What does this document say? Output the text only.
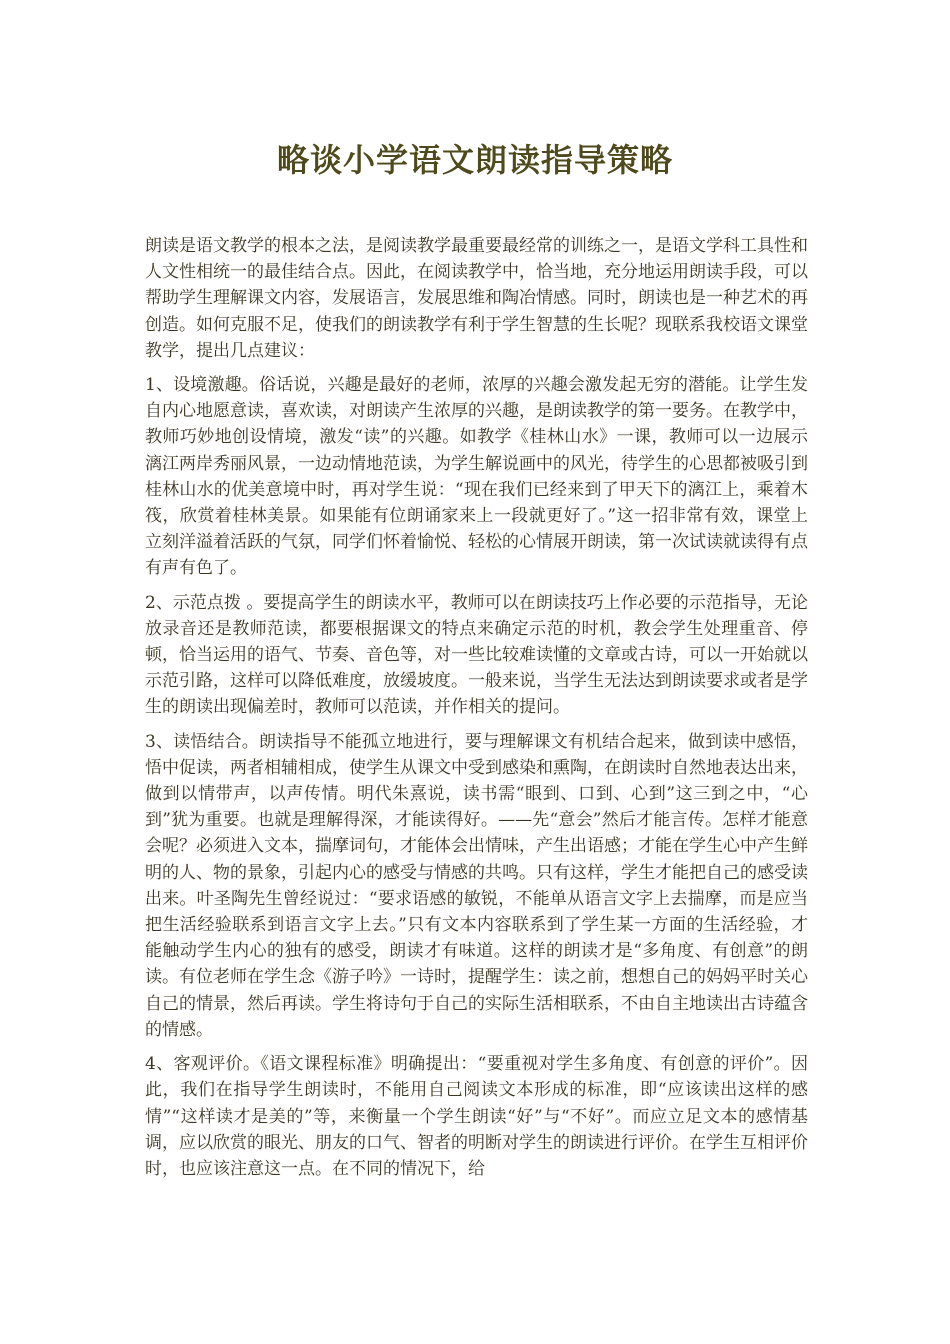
略谈小学语文朗读指导策略

朗读是语文教学的根本之法，是阅读教学最重要最经常的训练之一，是语文学科工具性和人文性相统一的最佳结合点。因此，在阅读教学中，恰当地，充分地运用朗读手段，可以帮助学生理解课文内容，发展语言，发展思维和陶冶情感。同时，朗读也是一种艺术的再创造。如何克服不足，使我们的朗读教学有利于学生智慧的生长呢？现联系我校语文课堂教学，提出几点建议：

1、设境激趣。俗话说，兴趣是最好的老师，浓厚的兴趣会激发起无穷的潜能。让学生发自内心地愿意读，喜欢读，对朗读产生浓厚的兴趣，是朗读教学的第一要务。在教学中，教师巧妙地创设情境，激发“读”的兴趣。如教学《桂林山水》一课，教师可以一边展示漓江两岸秀丽风景，一边动情地范读，为学生解说画中的风光，待学生的心思都被吸引到桂林山水的优美意境中时，再对学生说：“现在我们已经来到了甲天下的漓江上，乘着木筏，欣赏着桂林美景。如果能有位朗诵家来上一段就更好了。”这一招非常有效，课堂上立刻洋溢着活跃的气氛，同学们怀着愉悦、轻松的心情展开朗读，第一次试读就读得有点有声有色了。

2、示范点拨 。要提高学生的朗读水平，教师可以在朗读技巧上作必要的示范指导，无论放录音还是教师范读，都要根据课文的特点来确定示范的时机，教会学生处理重音、停顿，恰当运用的语气、节奏、音色等，对一些比较难读懂的文章或古诗，可以一开始就以示范引路，这样可以降低难度，放缓坡度。一般来说，当学生无法达到朗读要求或者是学生的朗读出现偏差时，教师可以范读，并作相关的提问。

3、读悟结合。朗读指导不能孤立地进行，要与理解课文有机结合起来，做到读中感悟，悟中促读，两者相辅相成，使学生从课文中受到感染和熏陶，在朗读时自然地表达出来，做到以情带声，以声传情。明代朱熹说，读书需“眼到、口到、心到”这三到之中，“心到”犹为重要。也就是理解得深，才能读得好。——先“意会”然后才能言传。怎样才能意会呢？必须进入文本，揣摩词句，才能体会出情味，产生出语感；才能在学生心中产生鲜明的人、物的景象，引起内心的感受与情感的共鸣。只有这样，学生才能把自己的感受读出来。叶圣陶先生曾经说过：“要求语感的敏锐，不能单从语言文字上去揣摩，而是应当把生活经验联系到语言文字上去。”只有文本内容联系到了学生某一方面的生活经验，才能触动学生内心的独有的感受，朗读才有味道。这样的朗读才是“多角度、有创意”的朗读。有位老师在学生念《游子吟》一诗时，提醒学生：读之前，想想自己的妈妈平时关心自己的情景，然后再读。学生将诗句于自己的实际生活相联系，不由自主地读出古诗蕴含的情感。

4、客观评价。《语文课程标准》明确提出：“要重视对学生多角度、有创意的评价”。因此，我们在指导学生朗读时，不能用自己阅读文本形成的标准，即“应该读出这样的感情”“这样读才是美的”等，来衡量一个学生朗读“好”与“不好”。而应立足文本的感情基调，应以欣赏的眼光、朋友的口气、智者的明断对学生的朗读进行评价。在学生互相评价时，也应该注意这一点。在不同的情况下，给
